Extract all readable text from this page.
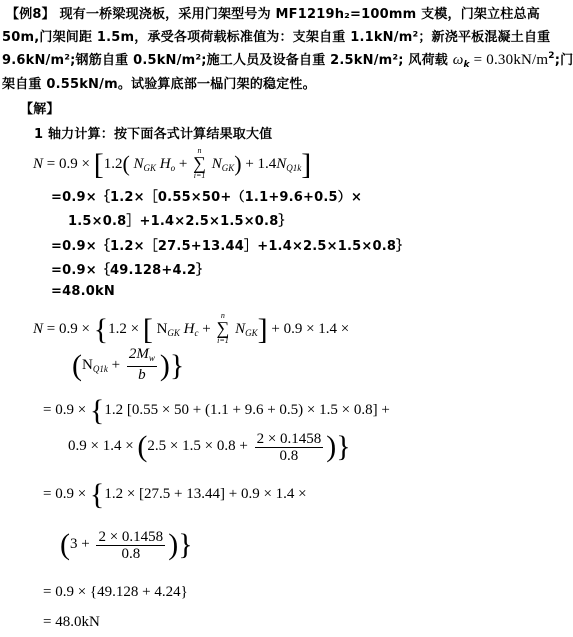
【例8】 现有一桥梁现浇板，采用门架型号为 MF1219h₂=100mm 支模，门架立柱总高
50m,门架间距 1.5m，承受各项荷载标准值为：支架自重 1.1kN/m²；新浇平板混凝土自重
9.6kN/m²;钢筋自重 0.5kN/m²;施工人员及设备自重 2.5kN/m²; 风荷载 $\omega_k = 0.30kN/m^2$;门
架自重 0.55kN/m。试验算底部一榀门架的稳定性。
【解】
1 轴力计算：按下面各式计算结果取大值
N = 0.9 × [1.2( $N_{GK}$ $H_o$ +
n
∑
i=1
$N_{GK}) + 1.4N_{Q1k}$]
=0.9×｛1.2×［0.55×50+（1.1+9.6+0.5）×
1.5×0.8］+1.4×2.5×1.5×0.8｝
=0.9×｛1.2×［27.5+13.44］+1.4×2.5×1.5×0.8｝
=0.9×｛49.128+4.2｝
=48.0kN
N = 0.9 × {1.2 × [ $N_{GK}$ $H_c$ +
n
∑
i=1
$N_{GK}] + 0.9 \times 1.4$ ×
($N_{Q1k} + \frac{2M_w}{b}$ )}
= 0.9 × {1.2 [0.55 × 50 + (1.1 + 9.6 + 0.5) × 1.5 × 0.8] +
$0.9 \times 1.4 \times (2.5 \times 1.5 \times 0.8 + \frac{2 \times 0.1458}{0.8}$ )}
= 0.9 × {1.2 × [27.5 + 13.44] + 0.9 × 1.4 ×
($3 + \frac{2 \times 0.1458}{0.8}$ )}
= 0.9 × {49.128 + 4.24}
= 48.0kN
